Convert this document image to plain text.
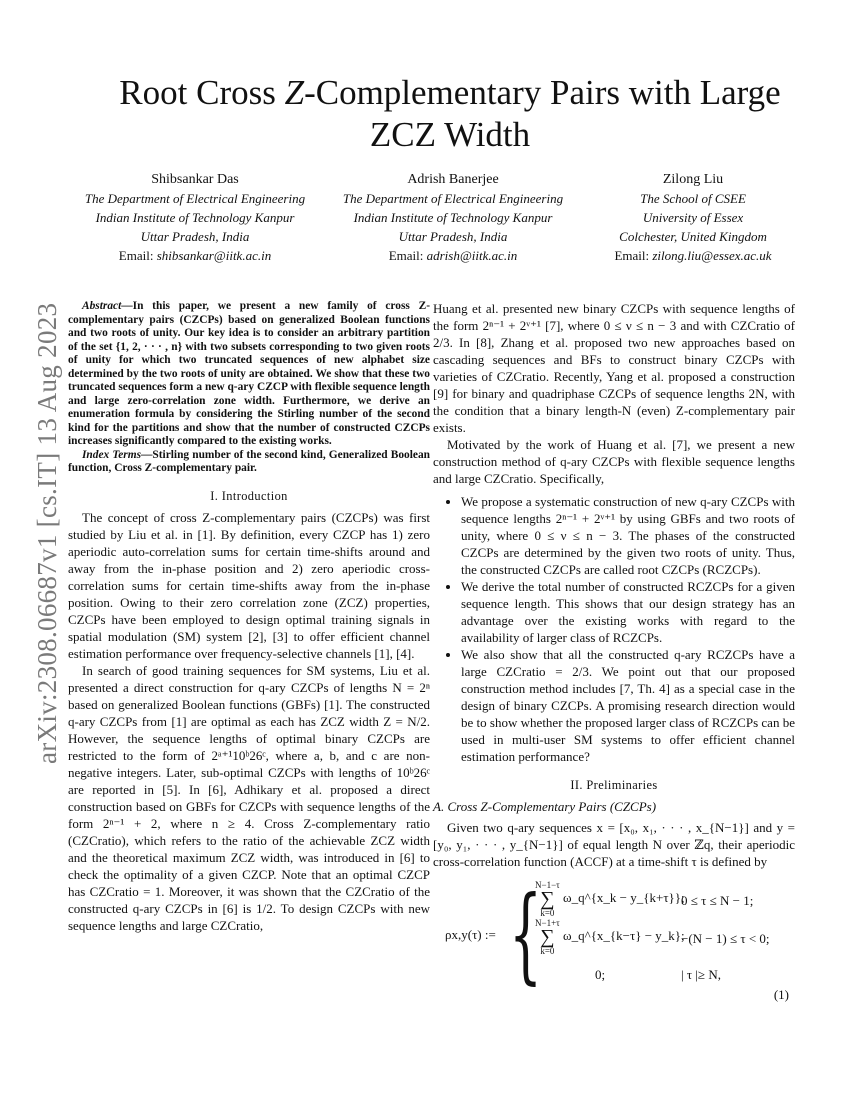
arXiv:2308.06687v1 [cs.IT] 13 Aug 2023
Root Cross Z-Complementary Pairs with Large
ZCZ Width
Shibsankar Das
The Department of Electrical Engineering
Indian Institute of Technology Kanpur
Uttar Pradesh, India
Email: shibsankar@iitk.ac.in
Adrish Banerjee
The Department of Electrical Engineering
Indian Institute of Technology Kanpur
Uttar Pradesh, India
Email: adrish@iitk.ac.in
Zilong Liu
The School of CSEE
University of Essex
Colchester, United Kingdom
Email: zilong.liu@essex.ac.uk

Abstract—In this paper, we present a new family of cross Z-complementary pairs (CZCPs) based on generalized Boolean functions and two roots of unity. Our key idea is to consider an arbitrary partition of the set {1, 2, · · · , n} with two subsets corresponding to two given roots of unity for which two truncated sequences of new alphabet size determined by the two roots of unity are obtained. We show that these two truncated sequences form a new q-ary CZCP with flexible sequence length and large zero-correlation zone width. Furthermore, we derive an enumeration formula by considering the Stirling number of the second kind for the partitions and show that the number of constructed CZCPs increases significantly compared to the existing works.

Index Terms—Stirling number of the second kind, Generalized Boolean function, Cross Z-complementary pair.

I. Introduction

The concept of cross Z-complementary pairs (CZCPs) was first studied by Liu et al. in [1]. By definition, every CZCP has 1) zero aperiodic auto-correlation sums for certain time-shifts around and away from the in-phase position and 2) zero aperiodic cross-correlation sums for certain time-shifts away from the in-phase position. Owing to their zero correlation zone (ZCZ) properties, CZCPs have been employed to design optimal training signals in spatial modulation (SM) system [2], [3] to offer efficient channel estimation performance over frequency-selective channels [1], [4].

In search of good training sequences for SM systems, Liu et al. presented a direct construction for q-ary CZCPs of lengths N = 2ⁿ based on generalized Boolean functions (GBFs) [1]. The constructed q-ary CZCPs from [1] are optimal as each has ZCZ width Z = N/2. However, the sequence lengths of optimal binary CZCPs are restricted to the form of 2ᵃ⁺¹10ᵇ26ᶜ, where a, b, and c are non-negative integers. Later, sub-optimal CZCPs with lengths of 10ᵇ26ᶜ are reported in [5]. In [6], Adhikary et al. proposed a direct construction based on GBFs for CZCPs with sequence lengths of the form 2ⁿ⁻¹ + 2, where n ≥ 4. Cross Z-complementary ratio (CZCratio), which refers to the ratio of the achievable ZCZ width and the theoretical maximum ZCZ width, was introduced in [6] to check the optimality of a given CZCP. Note that an optimal CZCP has CZCratio = 1. Moreover, it was shown that the CZCratio of the constructed q-ary CZCPs in [6] is 1/2. To design CZCPs with new sequence lengths and large CZCratio,

Huang et al. presented new binary CZCPs with sequence lengths of the form 2ⁿ⁻¹ + 2ᵛ⁺¹ [7], where 0 ≤ ν ≤ n − 3 and with CZCratio of 2/3. In [8], Zhang et al. proposed two new approaches based on cascading sequences and BFs to construct binary CZCPs with varieties of CZCratio. Recently, Yang et al. proposed a construction [9] for binary and quadriphase CZCPs of sequence lengths 2N, with the condition that a binary length-N (even) Z-complementary pair exists.

Motivated by the work of Huang et al. [7], we present a new construction method of q-ary CZCPs with flexible sequence lengths and large CZCratio. Specifically,

• We propose a systematic construction of new q-ary CZCPs with sequence lengths 2ⁿ⁻¹ + 2ᵛ⁺¹ by using GBFs and two roots of unity, where 0 ≤ ν ≤ n − 3. The phases of the constructed CZCPs are determined by the given two roots of unity. Thus, the constructed CZCPs are called root CZCPs (RCZCPs).
• We derive the total number of constructed RCZCPs for a given sequence length. This shows that our design strategy has an advantage over the existing works with regard to the availability of larger class of RCZCPs.
• We also show that all the constructed q-ary RCZCPs have a large CZCratio = 2/3. We point out that our proposed construction method includes [7, Th. 4] as a special case in the design of binary CZCPs. A promising research direction would be to show whether the proposed larger class of RCZCPs can be used in multi-user SM systems to offer efficient channel estimation performance?
II. Preliminaries
A. Cross Z-Complementary Pairs (CZCPs)

Given two q-ary sequences x = [x₀, x₁, · · · , x_{N−1}] and y = [y₀, y₁, · · · , y_{N−1}] of equal length N over ℤq, their aperiodic cross-correlation function (ACCF) at a time-shift τ is defined by

ρx,y(τ) := {
N−1−τ
∑
k=0 ω_q^{x_k − y_{k+τ}};
0 ≤ τ ≤ N − 1;
N−1+τ
∑
k=0 ω_q^{x_{k−τ} − y_k};
−(N − 1) ≤ τ < 0;
0;	| τ |≥ N,
(1)
